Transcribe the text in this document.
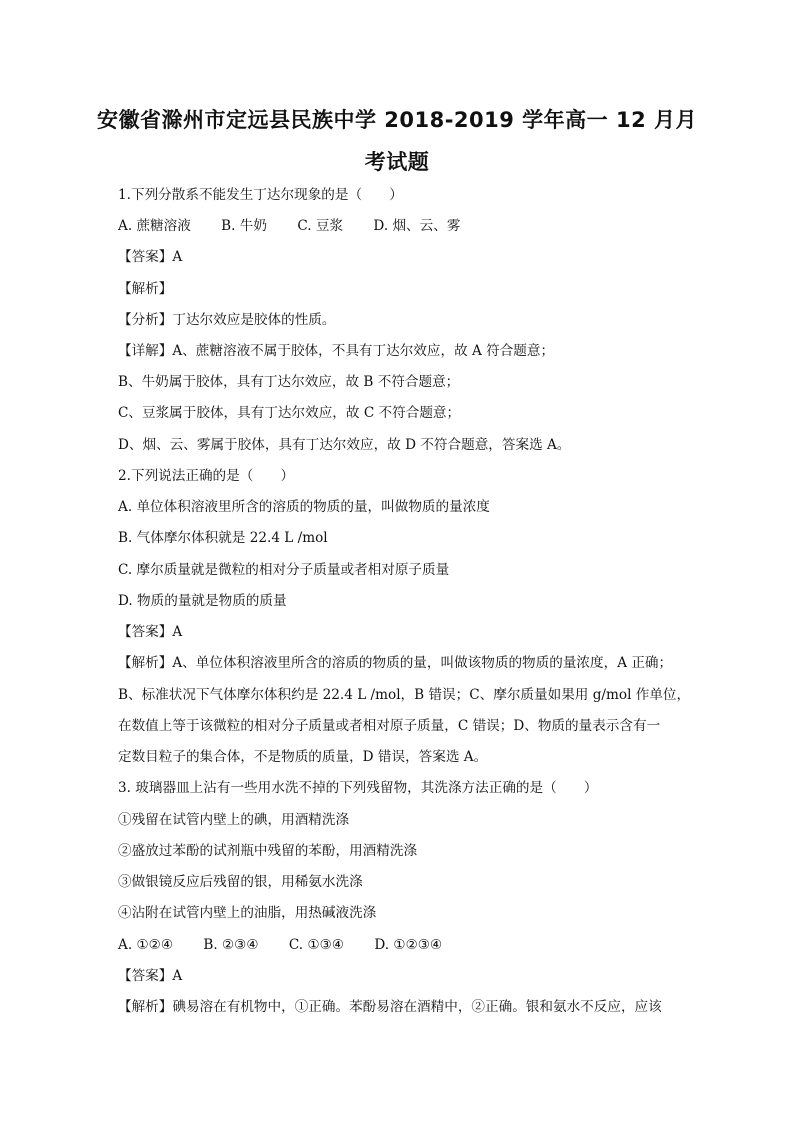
安徽省滁州市定远县民族中学 2018-2019 学年高一 12 月月
考试题
1.下列分散系不能发生丁达尔现象的是（　　）
A. 蔗糖溶液 B. 牛奶 C. 豆浆 D. 烟、云、雾
【答案】A
【解析】
【分析】丁达尔效应是胶体的性质。
【详解】A、蔗糖溶液不属于胶体，不具有丁达尔效应，故 A 符合题意；
B、牛奶属于胶体，具有丁达尔效应，故 B 不符合题意；
C、豆浆属于胶体，具有丁达尔效应，故 C 不符合题意；
D、烟、云、雾属于胶体，具有丁达尔效应，故 D 不符合题意，答案选 A。
2.下列说法正确的是（　　）
A. 单位体积溶液里所含的溶质的物质的量，叫做物质的量浓度
B. 气体摩尔体积就是 22.4 L /mol
C. 摩尔质量就是微粒的相对分子质量或者相对原子质量
D. 物质的量就是物质的质量
【答案】A
【解析】A、单位体积溶液里所含的溶质的物质的量，叫做该物质的物质的量浓度，A 正确；
B、标准状况下气体摩尔体积约是 22.4 L /mol，B 错误；C、摩尔质量如果用 g/mol 作单位，
在数值上等于该微粒的相对分子质量或者相对原子质量，C 错误；D、物质的量表示含有一
定数目粒子的集合体，不是物质的质量，D 错误，答案选 A。
3. 玻璃器皿上沾有一些用水洗不掉的下列残留物，其洗涤方法正确的是（　　）
①残留在试管内壁上的碘，用酒精洗涤
②盛放过苯酚的试剂瓶中残留的苯酚，用酒精洗涤
③做银镜反应后残留的银，用稀氨水洗涤
④沾附在试管内壁上的油脂，用热碱液洗涤
A. ①②④ B. ②③④ C. ①③④ D. ①②③④
【答案】A
【解析】碘易溶在有机物中，①正确。苯酚易溶在酒精中，②正确。银和氨水不反应，应该
